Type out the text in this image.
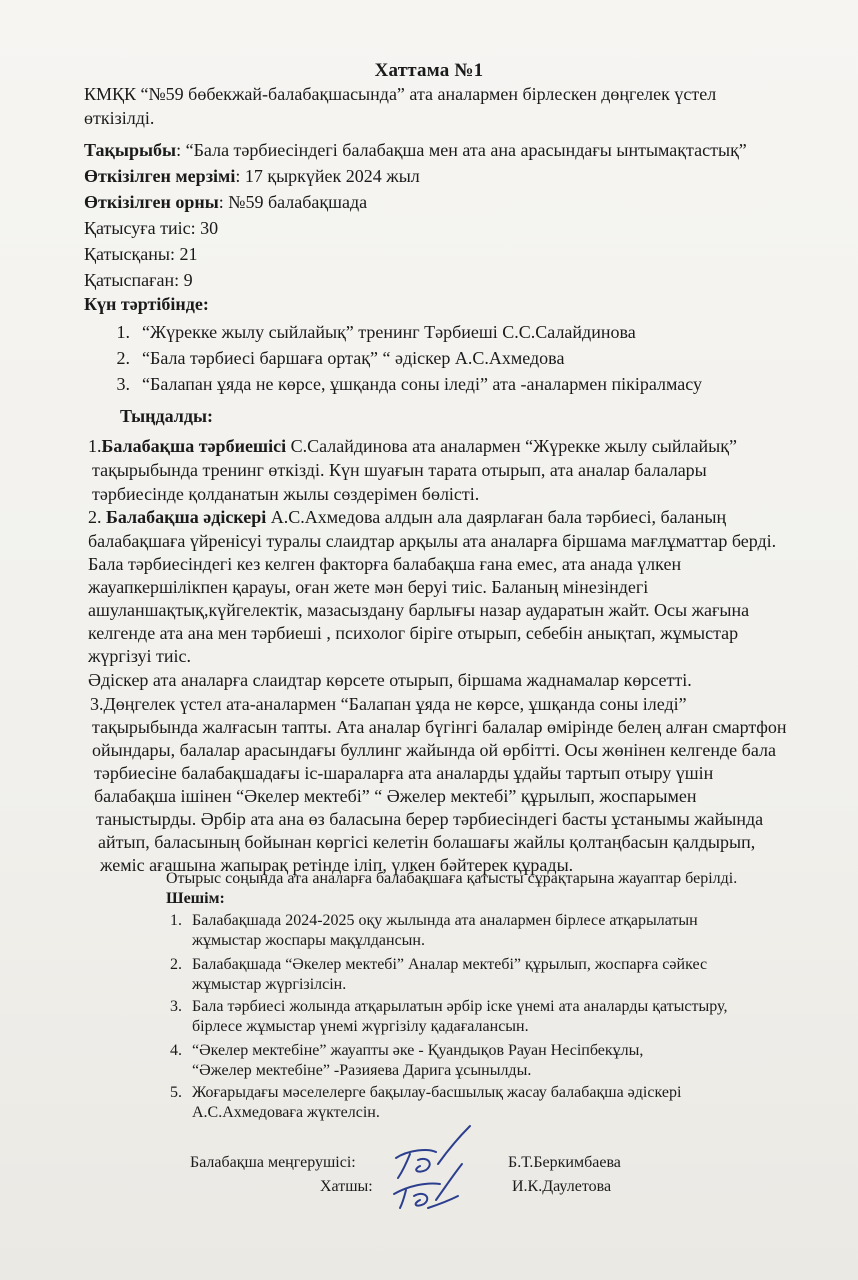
Хаттама №1
КМҚК “№59 бөбекжай-балабақшасында” ата аналармен бірлескен дөңгелек үстел
өткізілді.
Тақырыбы: “Бала тәрбиесіндегі балабақша мен ата ана арасындағы ынтымақтастық”
Өткізілген мерзімі: 17 қыркүйек 2024 жыл
Өткізілген орны: №59 балабақшада
Қатысуға тиіс: 30
Қатысқаны: 21
Қатыспаған: 9
Күн тәртібінде:
1. “Жүрекке жылу сыйлайық” тренинг Тәрбиеші С.С.Салайдинова
2. “Бала тәрбиесі баршаға ортақ” “ әдіскер А.С.Ахмедова
3. “Балапан ұяда не көрсе, ұшқанда соны іледі” ата -аналармен пікіралмасу
Тыңдалды:
1.Балабақша тәрбиешісі С.Салайдинова ата аналармен “Жүрекке жылу сыйлайық”
тақырыбында тренинг өткізді. Күн шуағын тарата отырып, ата аналар балалары
тәрбиесінде қолданатын жылы сөздерімен бөлісті.
2. Балабақша әдіскері А.С.Ахмедова алдын ала даярлаған бала тәрбиесі, баланың
балабақшаға үйренісуі туралы слаидтар арқылы ата аналарға біршама мағлұматтар берді.
Бала тәрбиесіндегі кез келген факторға балабақша ғана емес, ата анада үлкен
жауапкершілікпен қарауы, оған жете мән беруі тиіс. Баланың мінезіндегі
ашуланшақтық,күйгелектік, мазасыздану барлығы назар аударатын жайт. Осы жағына
келгенде ата ана мен тәрбиеші , психолог біріге отырып, себебін анықтап, жұмыстар
жүргізуі тиіс.
Әдіскер ата аналарға слаидтар көрсете отырып, біршама жаднамалар көрсетті.
3.Дөңгелек үстел ата-аналармен “Балапан ұяда не көрсе, ұшқанда соны іледі”
тақырыбында жалғасын тапты. Ата аналар бүгінгі балалар өмірінде белең алған смартфон
ойындары, балалар арасындағы буллинг жайында ой өрбітті. Осы жөнінен келгенде бала
тәрбиесіне балабақшадағы іс-шараларға ата аналарды ұдайы тартып отыру үшін
балабақша ішінен “Әкелер мектебі” “ Әжелер мектебі” құрылып, жоспарымен
таныстырды. Әрбір ата ана өз баласына берер тәрбиесіндегі басты ұстанымы жайында
айтып, баласының бойынан көргісі келетін болашағы жайлы қолтаңбасын қалдырып,
жеміс ағашына жапырақ ретінде іліп, үлкен бәйтерек құрады.
Отырыс соңында ата аналарға балабақшаға қатысты сұрақтарына жауаптар берілді.
Шешім:
1. Балабақшада 2024-2025 оқу жылында ата аналармен бірлесе атқарылатын
жұмыстар жоспары мақұлдансын.
2. Балабақшада “Әкелер мектебі” Аналар мектебі” құрылып, жоспарға сәйкес
жұмыстар жүргізілсін.
3. Бала тәрбиесі жолында атқарылатын әрбір іске үнемі ата аналарды қатыстыру,
бірлесе жұмыстар үнемі жүргізілу қадағалансын.
4. “Әкелер мектебіне” жауапты әке - Қуандықов Рауан Несіпбекұлы,
“Әжелер мектебіне” -Разияева Дарига ұсынылды.
5. Жоғарыдағы мәселелерге бақылау-басшылық жасау балабақша әдіскері
А.С.Ахмедоваға жүктелсін.
Балабақша меңгерушісі:	Б.Т.Беркимбаева
Хатшы:	И.К.Даулетова
